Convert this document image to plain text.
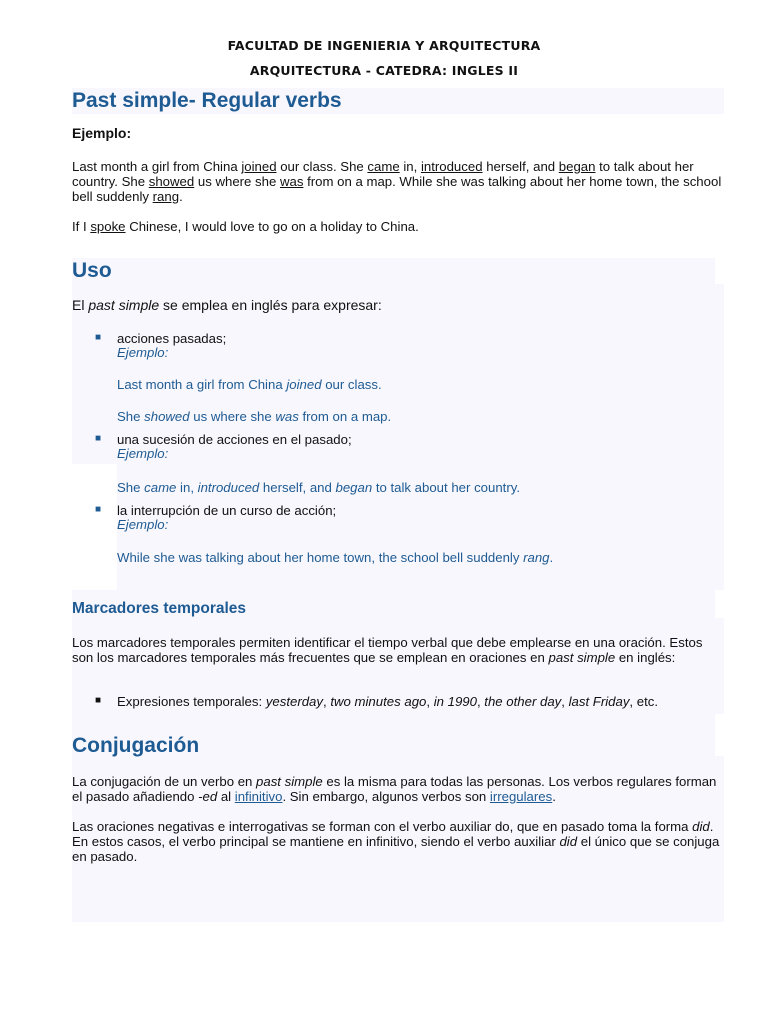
FACULTAD DE INGENIERIA Y ARQUITECTURA
ARQUITECTURA - CATEDRA: INGLES II
Past simple- Regular verbs
Ejemplo:
Last month a girl from China joined our class. She came in, introduced herself, and began to talk about her country. She showed us where she was from on a map. While she was talking about her home town, the school bell suddenly rang.
If I spoke Chinese, I would love to go on a holiday to China.
Uso
El past simple se emplea en inglés para expresar:
■ acciones pasadas;
Ejemplo:
Last month a girl from China joined our class.
She showed us where she was from on a map.
■ una sucesión de acciones en el pasado;
Ejemplo:
She came in, introduced herself, and began to talk about her country.
■ la interrupción de un curso de acción;
Ejemplo:
While she was talking about her home town, the school bell suddenly rang.
Marcadores temporales
Los marcadores temporales permiten identificar el tiempo verbal que debe emplearse en una oración. Estos son los marcadores temporales más frecuentes que se emplean en oraciones en past simple en inglés:
■ Expresiones temporales: yesterday, two minutes ago, in 1990, the other day, last Friday, etc.
Conjugación
La conjugación de un verbo en past simple es la misma para todas las personas. Los verbos regulares forman el pasado añadiendo -ed al infinitivo. Sin embargo, algunos verbos son irregulares.
Las oraciones negativas e interrogativas se forman con el verbo auxiliar do, que en pasado toma la forma did. En estos casos, el verbo principal se mantiene en infinitivo, siendo el verbo auxiliar did el único que se conjuga en pasado.
